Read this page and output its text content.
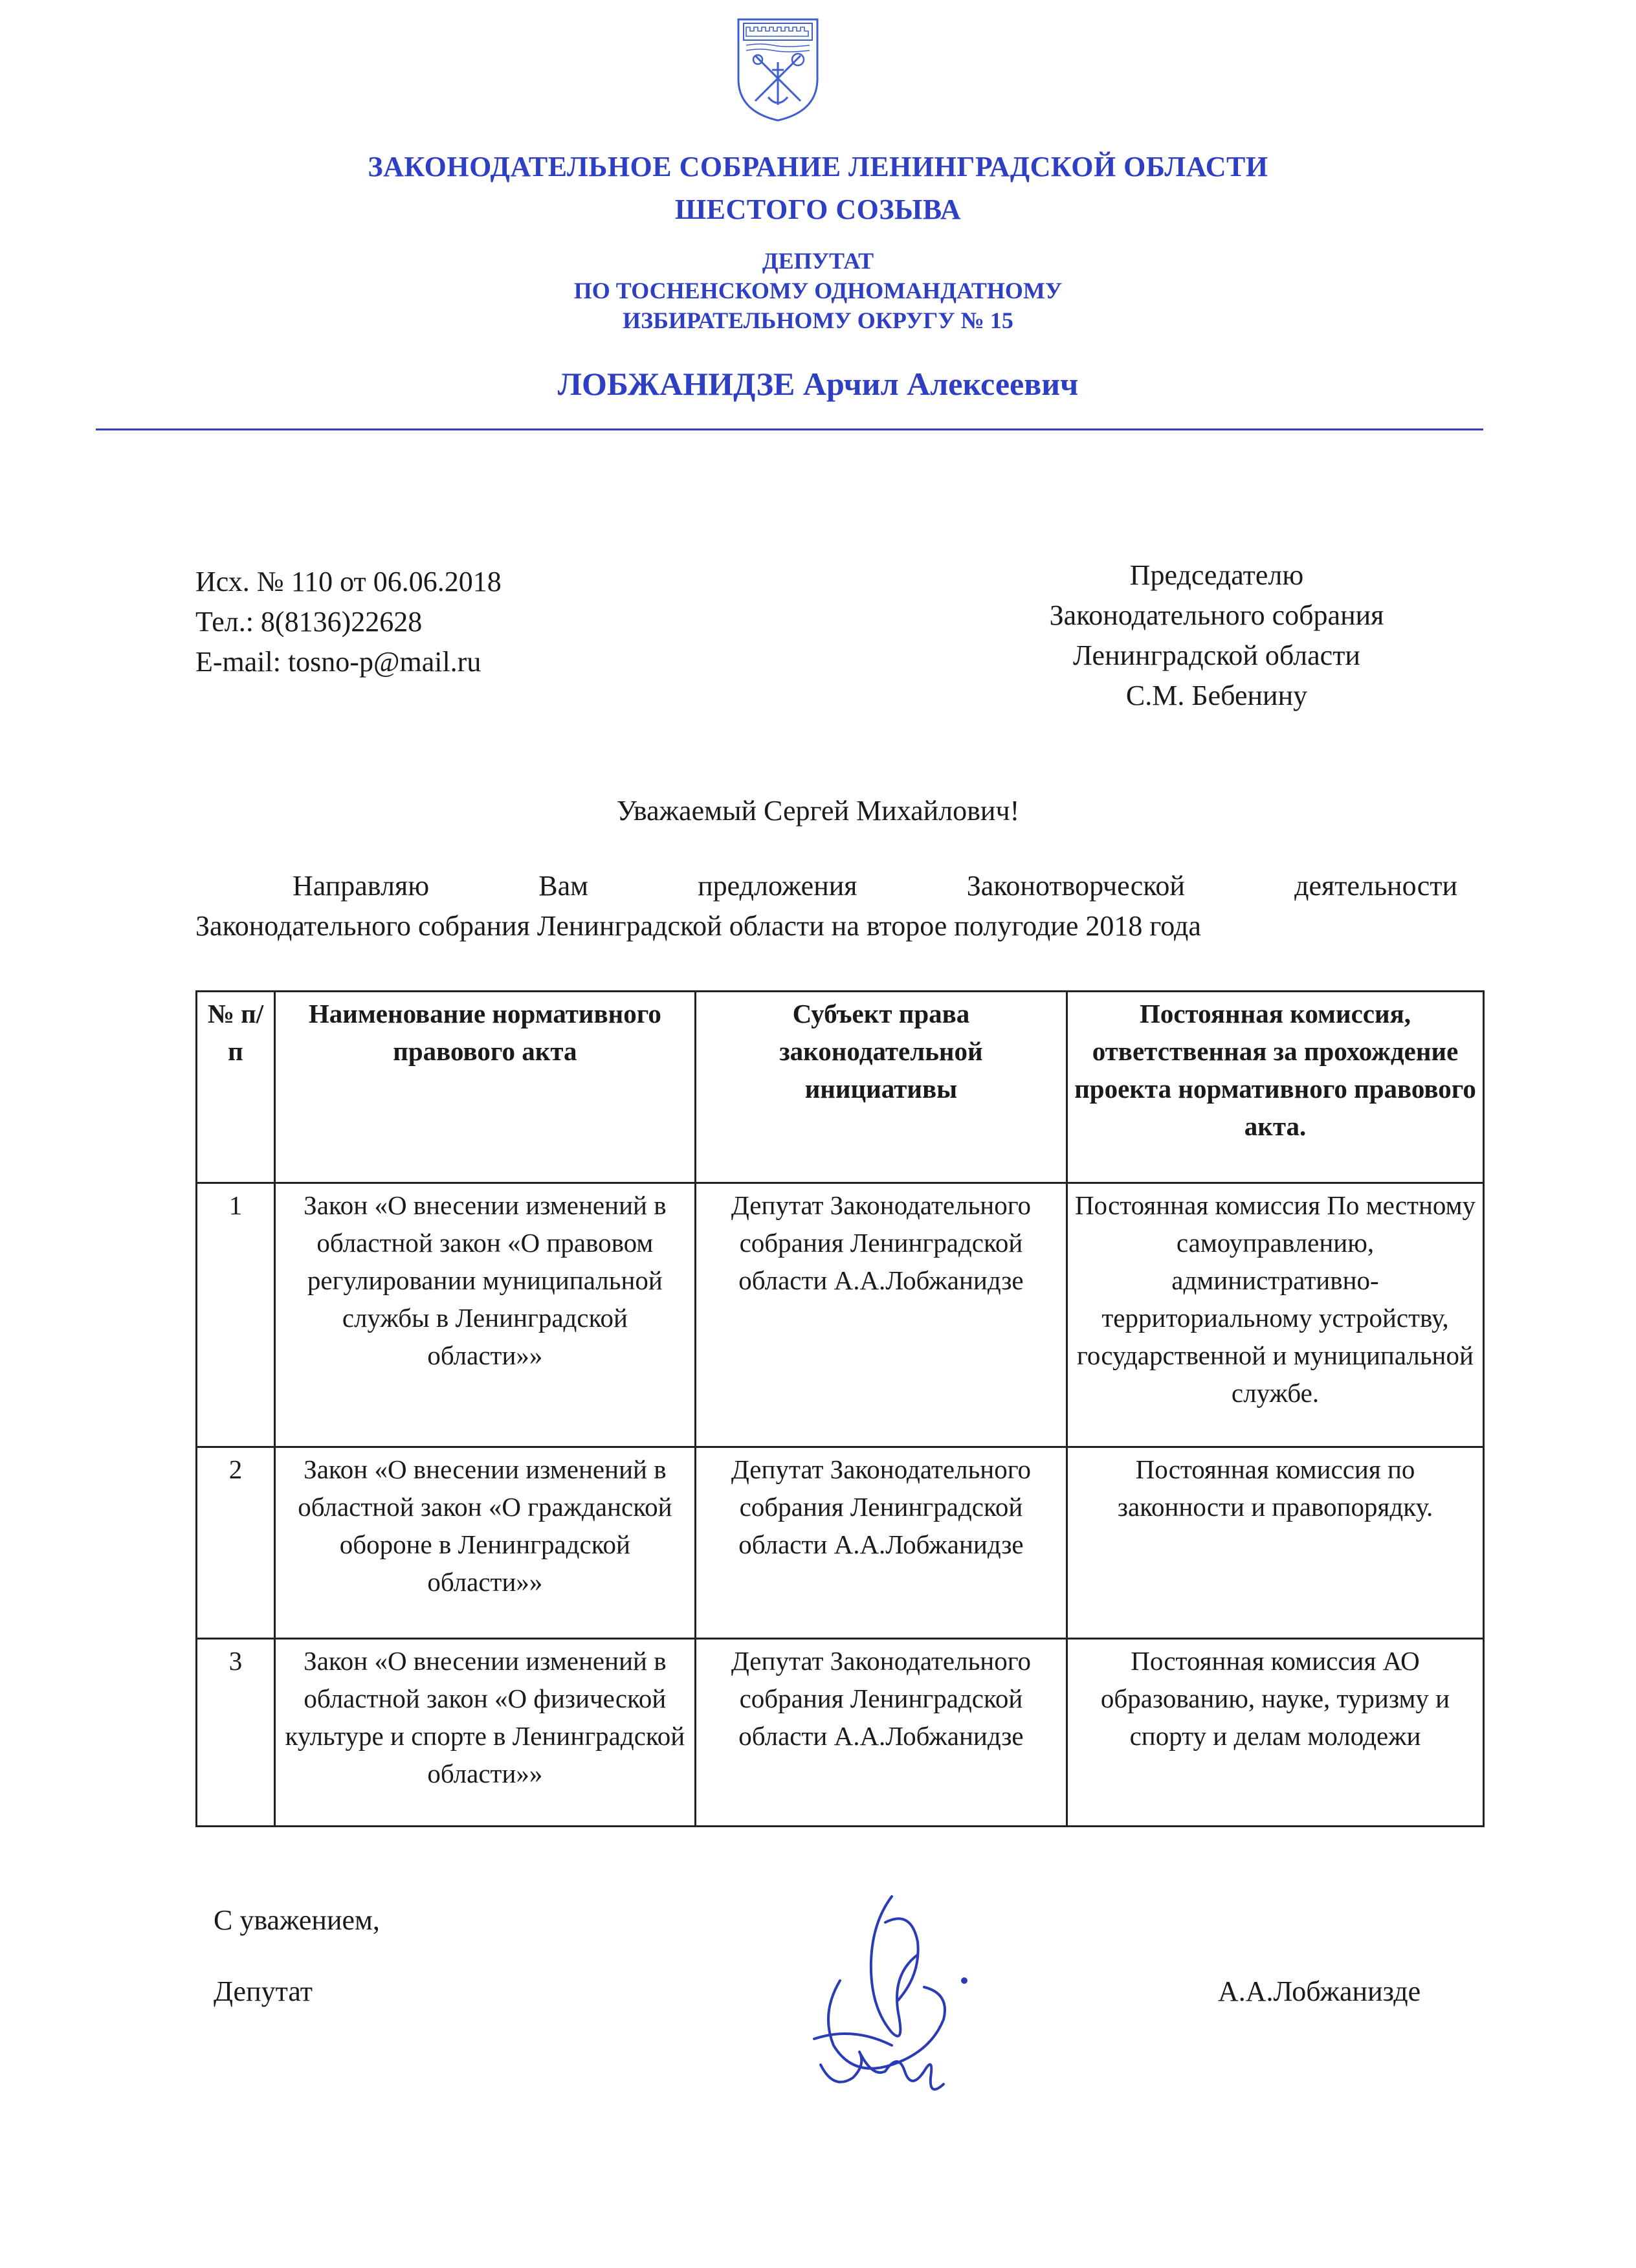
ЗАКОНОДАТЕЛЬНОЕ СОБРАНИЕ ЛЕНИНГРАДСКОЙ ОБЛАСТИ
ШЕСТОГО СОЗЫВА
ДЕПУТАТ
ПО ТОСНЕНСКОМУ ОДНОМАНДАТНОМУ
ИЗБИРАТЕЛЬНОМУ ОКРУГУ № 15
ЛОБЖАНИДЗЕ Арчил Алексеевич
Исх. № 110 от 06.06.2018
Тел.: 8(8136)22628
E-mail: tosno-p@mail.ru
Председателю
Законодательного собрания
Ленинградской области
С.М. Бебенину
Уважаемый Сергей Михайлович!
Направляю Вам предложения Законотворческой деятельности
Законодательного собрания Ленинградской области на второе полугодие 2018 года
№ п/п	Наименование нормативного правового акта	Субъект права законодательной инициативы	Постоянная комиссия, ответственная за прохождение проекта нормативного правового акта.
1	Закон «О внесении изменений в областной закон «О правовом регулировании муниципальной службы в Ленинградской области»»	Депутат Законодательного собрания Ленинградской области А.А.Лобжанидзе	Постоянная комиссия По местному самоуправлению, административно-территориальному устройству, государственной и муниципальной службе.
2	Закон «О внесении изменений в областной закон «О гражданской обороне в Ленинградской области»»	Депутат Законодательного собрания Ленинградской области А.А.Лобжанидзе	Постоянная комиссия по законности и правопорядку.
3	Закон «О внесении изменений в областной закон «О физической культуре и спорте в Ленинградской области»»	Депутат Законодательного собрания Ленинградской области А.А.Лобжанидзе	Постоянная комиссия АО образованию, науке, туризму и спорту и делам молодежи
С уважением,
Депутат	А.А.Лобжанизде
